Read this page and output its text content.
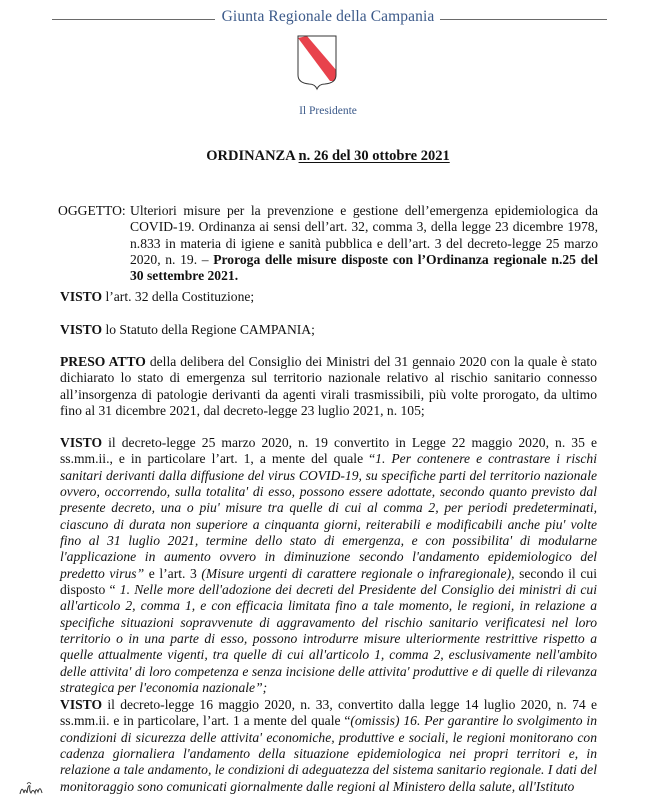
Giunta Regionale della Campania
Il Presidente
ORDINANZA n. 26 del 30 ottobre 2021
OGGETTO: Ulteriori misure per la prevenzione e gestione dell’emergenza epidemiologica da COVID-19. Ordinanza ai sensi dell’art. 32, comma 3, della legge 23 dicembre 1978, n.833 in materia di igiene e sanità pubblica e dell’art. 3 del decreto-legge 25 marzo 2020, n. 19. – Proroga delle misure disposte con l’Ordinanza regionale n.25 del 30 settembre 2021.
VISTO l’art. 32 della Costituzione;
VISTO lo Statuto della Regione CAMPANIA;
PRESO ATTO della delibera del Consiglio dei Ministri del 31 gennaio 2020 con la quale è stato dichiarato lo stato di emergenza sul territorio nazionale relativo al rischio sanitario connesso all’insorgenza di patologie derivanti da agenti virali trasmissibili, più volte prorogato, da ultimo fino al 31 dicembre 2021, dal decreto-legge 23 luglio 2021, n. 105;
VISTO il decreto-legge 25 marzo 2020, n. 19 convertito in Legge 22 maggio 2020, n. 35 e ss.mm.ii., e in particolare l’art. 1, a mente del quale “1. Per contenere e contrastare i rischi sanitari derivanti dalla diffusione del virus COVID-19, su specifiche parti del territorio nazionale ovvero, occorrendo, sulla totalita' di esso, possono essere adottate, secondo quanto previsto dal presente decreto, una o piu' misure tra quelle di cui al comma 2, per periodi predeterminati, ciascuno di durata non superiore a cinquanta giorni, reiterabili e modificabili anche piu' volte fino al 31 luglio 2021, termine dello stato di emergenza, e con possibilita' di modularne l'applicazione in aumento ovvero in diminuzione secondo l'andamento epidemiologico del predetto virus” e l’art. 3 (Misure urgenti di carattere regionale o infraregionale), secondo il cui disposto “ 1. Nelle more dell'adozione dei decreti del Presidente del Consiglio dei ministri di cui all'articolo 2, comma 1, e con efficacia limitata fino a tale momento, le regioni, in relazione a specifiche situazioni sopravvenute di aggravamento del rischio sanitario verificatesi nel loro territorio o in una parte di esso, possono introdurre misure ulteriormente restrittive rispetto a quelle attualmente vigenti, tra quelle di cui all'articolo 1, comma 2, esclusivamente nell'ambito delle attivita' di loro competenza e senza incisione delle attivita' produttive e di quelle di rilevanza strategica per l'economia nazionale”;
VISTO il decreto-legge 16 maggio 2020, n. 33, convertito dalla legge 14 luglio 2020, n. 74 e ss.mm.ii. e in particolare, l’art. 1 a mente del quale “(omissis) 16. Per garantire lo svolgimento in condizioni di sicurezza delle attivita' economiche, produttive e sociali, le regioni monitorano con cadenza giornaliera l'andamento della situazione epidemiologica nei propri territori e, in relazione a tale andamento, le condizioni di adeguatezza del sistema sanitario regionale. I dati del monitoraggio sono comunicati giornalmente dalle regioni al Ministero della salute, all'Istituto
